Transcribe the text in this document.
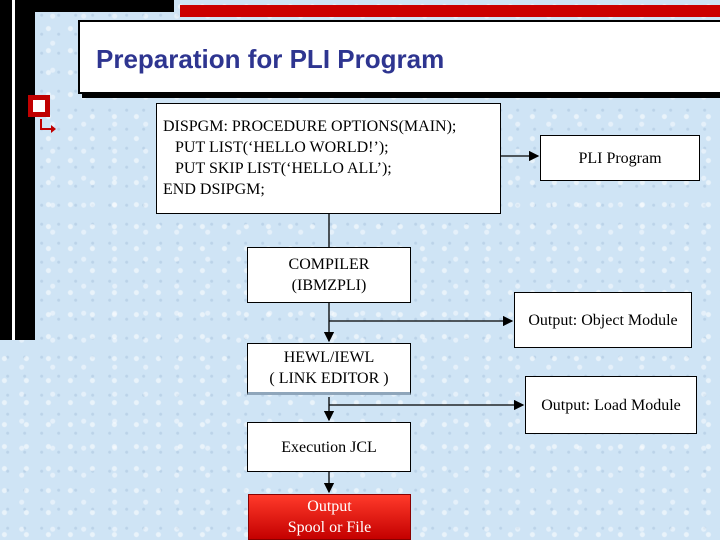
Preparation for PLI Program
DISPGM: PROCEDURE OPTIONS(MAIN);
PUT LIST(‘HELLO WORLD!’);
PUT SKIP LIST(‘HELLO ALL’);
END DSIPGM;
PLI Program
COMPILER
(IBMZPLI)
Output: Object Module
HEWL/IEWL
( LINK EDITOR )
Output: Load Module
Execution JCL
Output
Spool or File
